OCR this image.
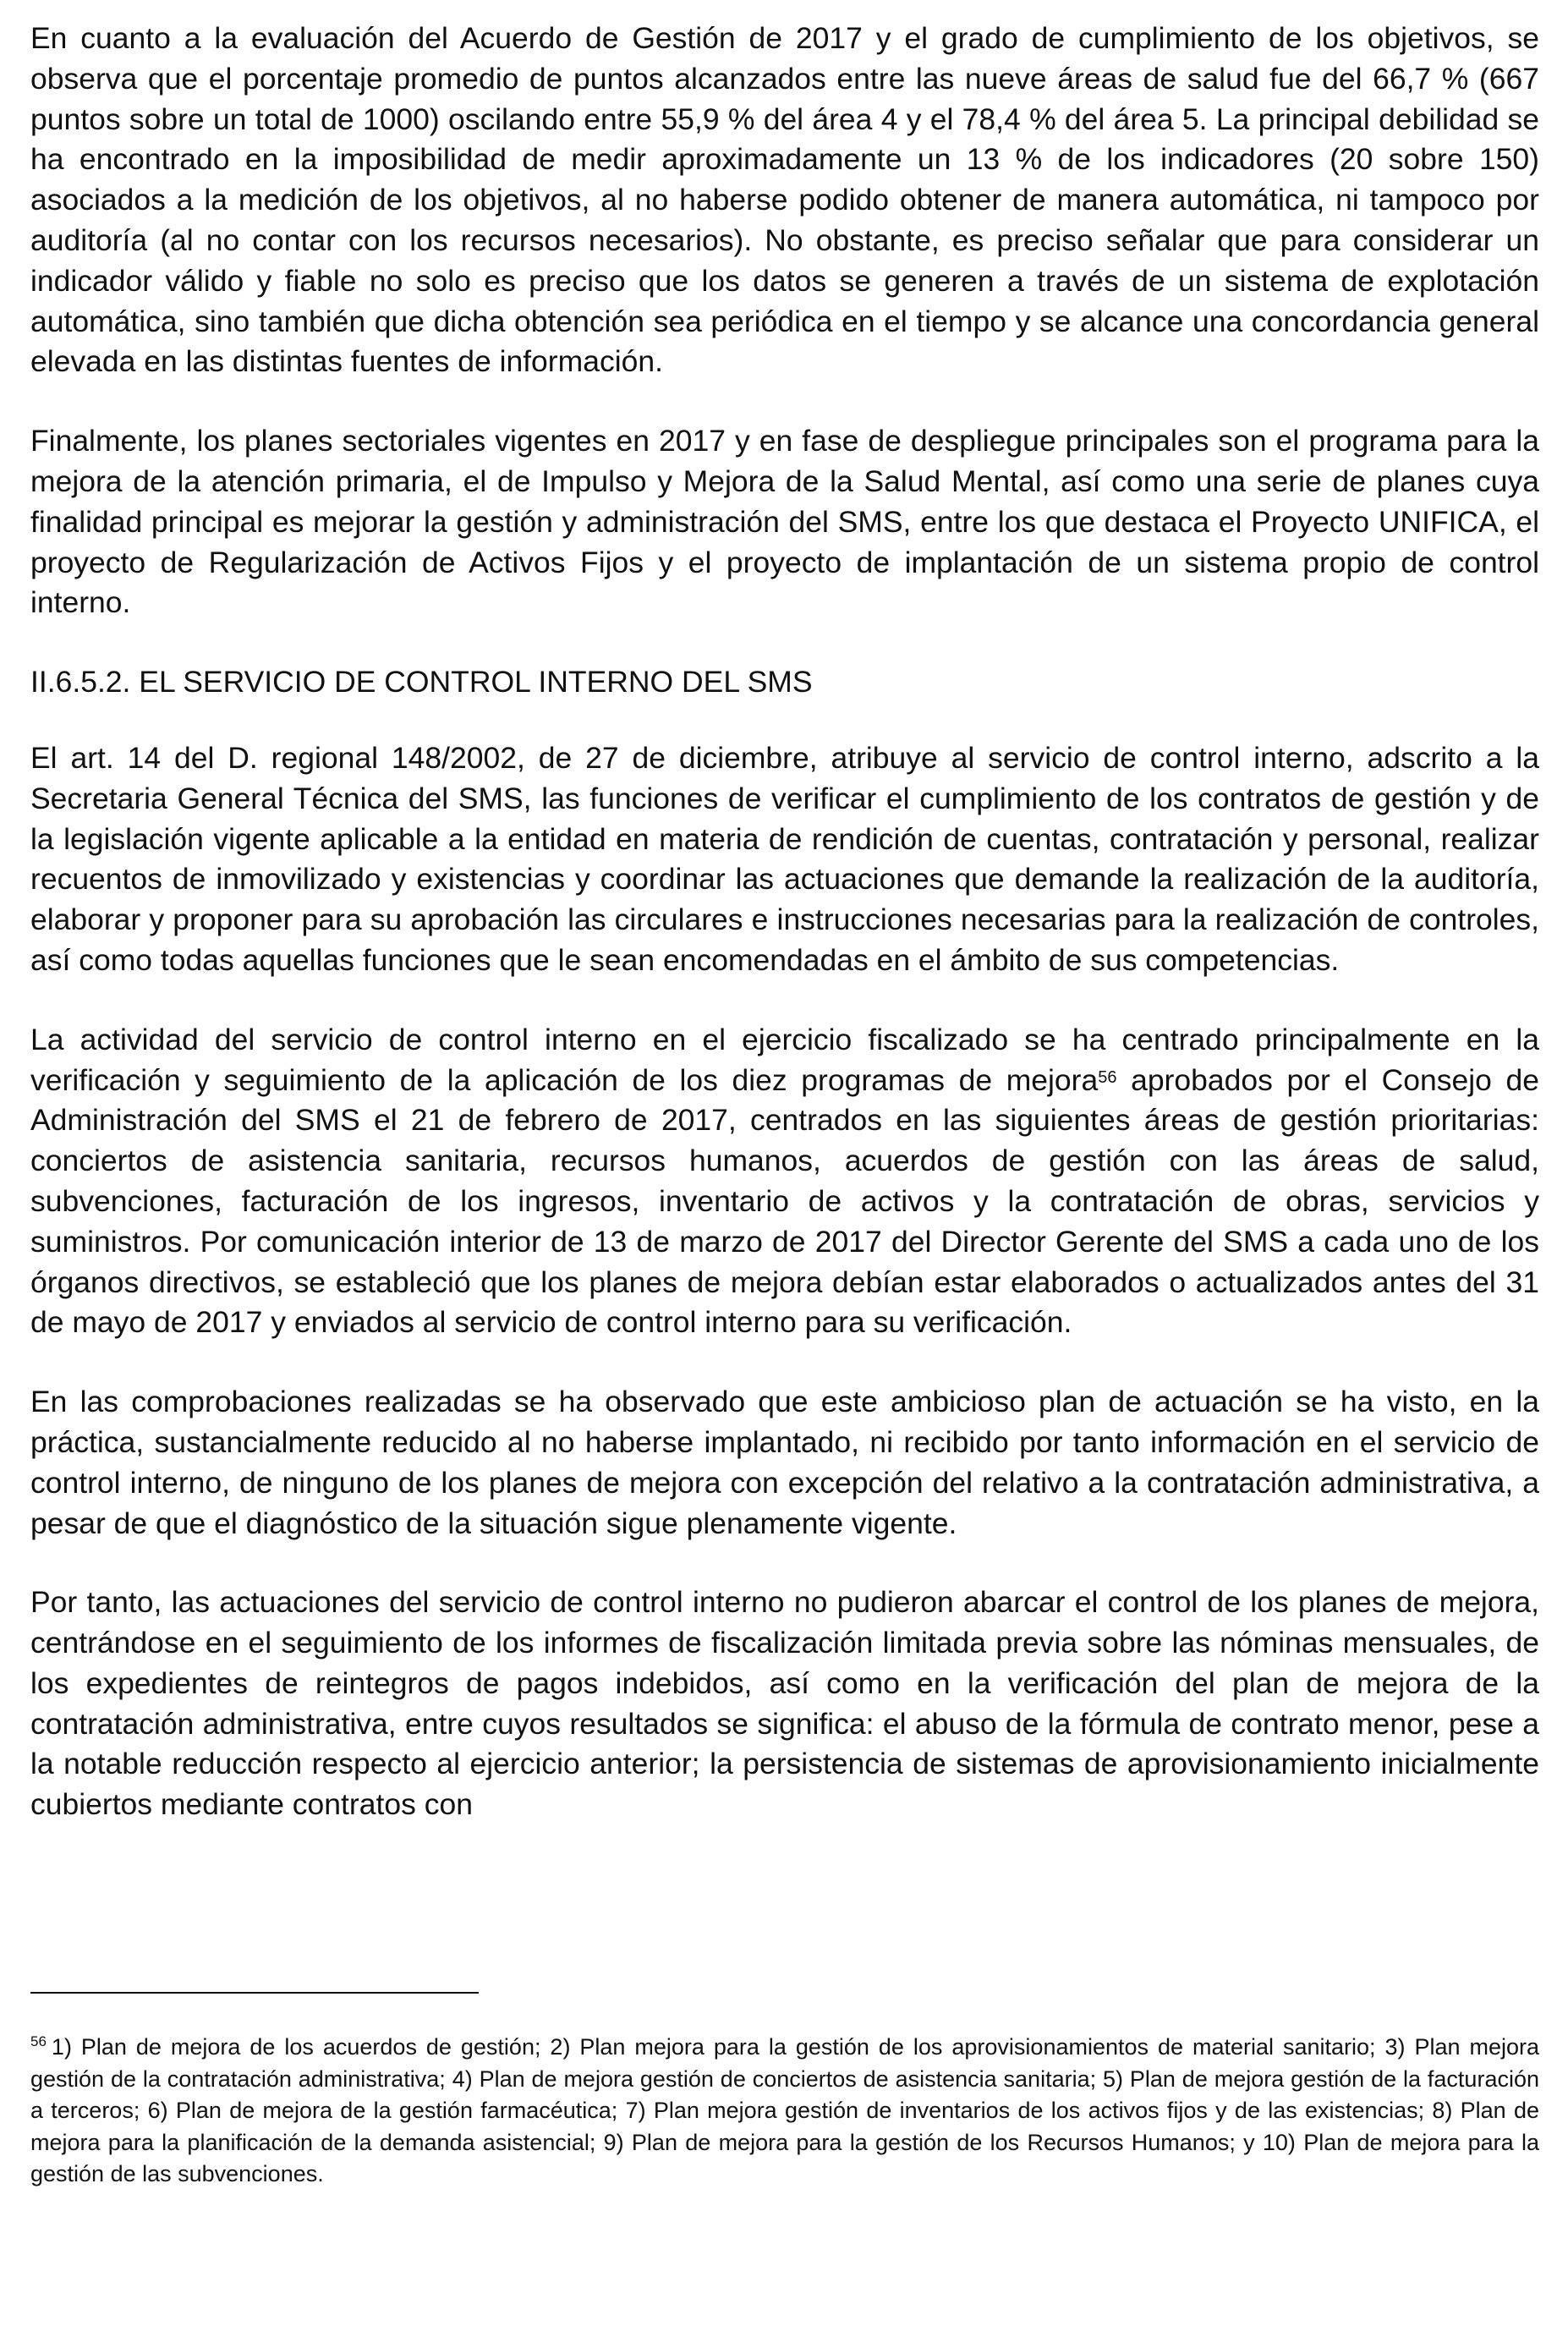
En cuanto a la evaluación del Acuerdo de Gestión de 2017 y el grado de cumplimiento de los objetivos, se observa que el porcentaje promedio de puntos alcanzados entre las nueve áreas de salud fue del 66,7 % (667 puntos sobre un total de 1000) oscilando entre 55,9 % del área 4 y el 78,4 % del área 5. La principal debilidad se ha encontrado en la imposibilidad de medir aproximadamente un 13 % de los indicadores (20 sobre 150) asociados a la medición de los objetivos, al no haberse podido obtener de manera automática, ni tampoco por auditoría (al no contar con los recursos necesarios). No obstante, es preciso señalar que para considerar un indicador válido y fiable no solo es preciso que los datos se generen a través de un sistema de explotación automática, sino también que dicha obtención sea periódica en el tiempo y se alcance una concordancia general elevada en las distintas fuentes de información.

Finalmente, los planes sectoriales vigentes en 2017 y en fase de despliegue principales son el programa para la mejora de la atención primaria, el de Impulso y Mejora de la Salud Mental, así como una serie de planes cuya finalidad principal es mejorar la gestión y administración del SMS, entre los que destaca el Proyecto UNIFICA, el proyecto de Regularización de Activos Fijos y el proyecto de implantación de un sistema propio de control interno.

II.6.5.2. EL SERVICIO DE CONTROL INTERNO DEL SMS

El art. 14 del D. regional 148/2002, de 27 de diciembre, atribuye al servicio de control interno, adscrito a la Secretaria General Técnica del SMS, las funciones de verificar el cumplimiento de los contratos de gestión y de la legislación vigente aplicable a la entidad en materia de rendición de cuentas, contratación y personal, realizar recuentos de inmovilizado y existencias y coordinar las actuaciones que demande la realización de la auditoría, elaborar y proponer para su aprobación las circulares e instrucciones necesarias para la realización de controles, así como todas aquellas funciones que le sean encomendadas en el ámbito de sus competencias.

La actividad del servicio de control interno en el ejercicio fiscalizado se ha centrado principalmente en la verificación y seguimiento de la aplicación de los diez programas de mejora$^{56}$ aprobados por el Consejo de Administración del SMS el 21 de febrero de 2017, centrados en las siguientes áreas de gestión prioritarias: conciertos de asistencia sanitaria, recursos humanos, acuerdos de gestión con las áreas de salud, subvenciones, facturación de los ingresos, inventario de activos y la contratación de obras, servicios y suministros. Por comunicación interior de 13 de marzo de 2017 del Director Gerente del SMS a cada uno de los órganos directivos, se estableció que los planes de mejora debían estar elaborados o actualizados antes del 31 de mayo de 2017 y enviados al servicio de control interno para su verificación.

En las comprobaciones realizadas se ha observado que este ambicioso plan de actuación se ha visto, en la práctica, sustancialmente reducido al no haberse implantado, ni recibido por tanto información en el servicio de control interno, de ninguno de los planes de mejora con excepción del relativo a la contratación administrativa, a pesar de que el diagnóstico de la situación sigue plenamente vigente.

Por tanto, las actuaciones del servicio de control interno no pudieron abarcar el control de los planes de mejora, centrándose en el seguimiento de los informes de fiscalización limitada previa sobre las nóminas mensuales, de los expedientes de reintegros de pagos indebidos, así como en la verificación del plan de mejora de la contratación administrativa, entre cuyos resultados se significa: el abuso de la fórmula de contrato menor, pese a la notable reducción respecto al ejercicio anterior; la persistencia de sistemas de aprovisionamiento inicialmente cubiertos mediante contratos con

$^{56}$ 1) Plan de mejora de los acuerdos de gestión; 2) Plan mejora para la gestión de los aprovisionamientos de material sanitario; 3) Plan mejora gestión de la contratación administrativa; 4) Plan de mejora gestión de conciertos de asistencia sanitaria; 5) Plan de mejora gestión de la facturación a terceros; 6) Plan de mejora de la gestión farmacéutica; 7) Plan mejora gestión de inventarios de los activos fijos y de las existencias; 8) Plan de mejora para la planificación de la demanda asistencial; 9) Plan de mejora para la gestión de los Recursos Humanos; y 10) Plan de mejora para la gestión de las subvenciones.
